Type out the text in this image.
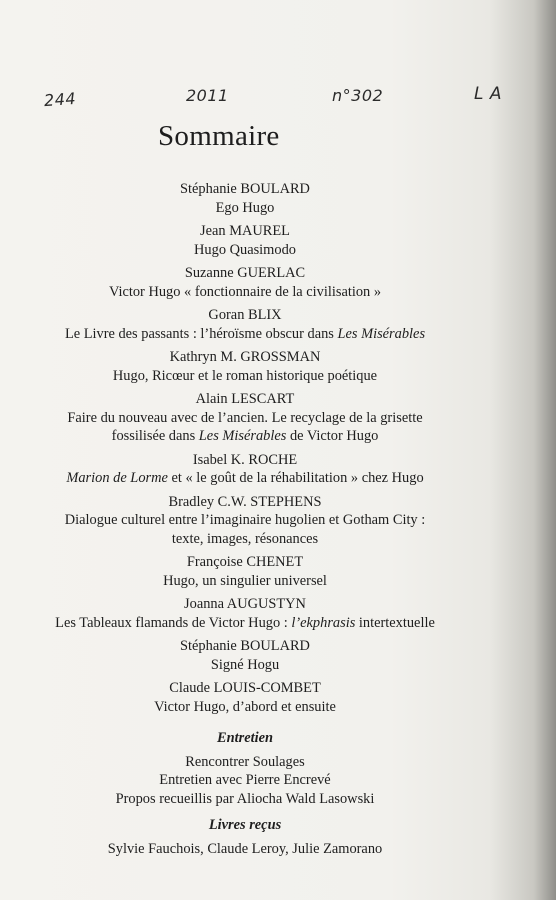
244	2011	n°302	L A
Sommaire
Stéphanie BOULARD
Ego Hugo
Jean MAUREL
Hugo Quasimodo
Suzanne GUERLAC
Victor Hugo « fonctionnaire de la civilisation »
Goran BLIX
Le Livre des passants : l’héroïsme obscur dans Les Misérables
Kathryn M. GROSSMAN
Hugo, Ricœur et le roman historique poétique
Alain LESCART
Faire du nouveau avec de l’ancien. Le recyclage de la grisette
fossilisée dans Les Misérables de Victor Hugo
Isabel K. ROCHE
Marion de Lorme et « le goût de la réhabilitation » chez Hugo
Bradley C.W. STEPHENS
Dialogue culturel entre l’imaginaire hugolien et Gotham City :
texte, images, résonances
Françoise CHENET
Hugo, un singulier universel
Joanna AUGUSTYN
Les Tableaux flamands de Victor Hugo : l’ekphrasis intertextuelle
Stéphanie BOULARD
Signé Hogu
Claude LOUIS-COMBET
Victor Hugo, d’abord et ensuite
Entretien
Rencontrer Soulages
Entretien avec Pierre Encrevé
Propos recueillis par Aliocha Wald Lasowski
Livres reçus
Sylvie Fauchois, Claude Leroy, Julie Zamorano
